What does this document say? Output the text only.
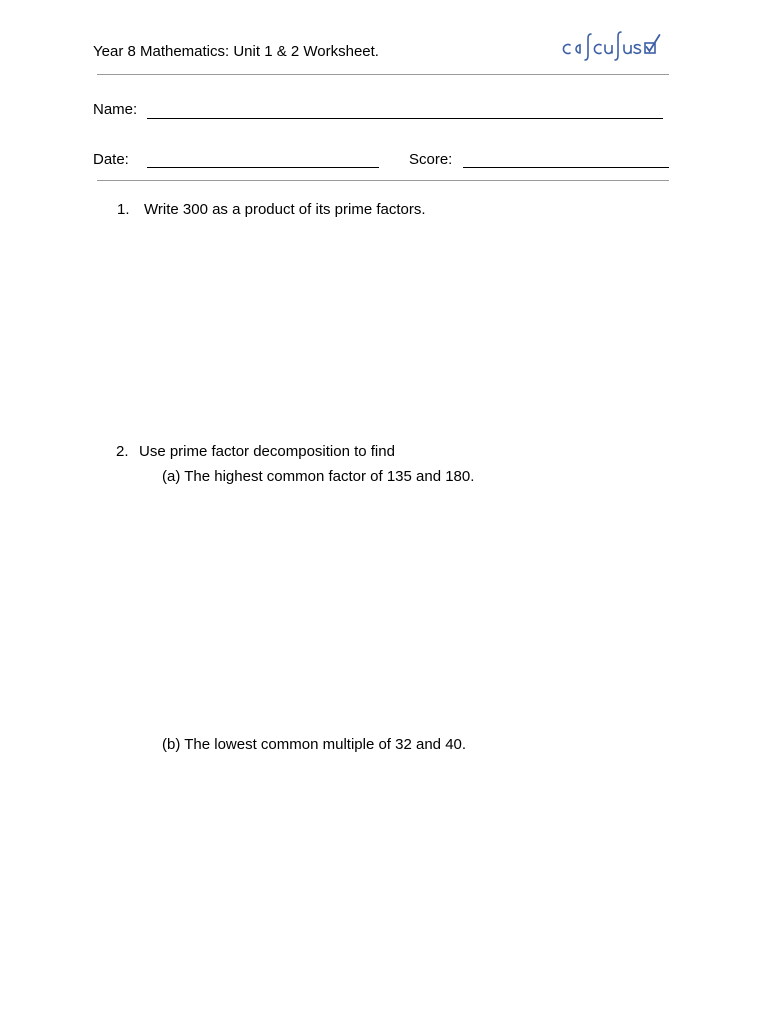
Year 8 Mathematics: Unit 1 & 2 Worksheet.
Name:
Date:	Score:
1. Write 300 as a product of its prime factors.
2. Use prime factor decomposition to find
(a) The highest common factor of 135 and 180.
(b) The lowest common multiple of 32 and 40.
